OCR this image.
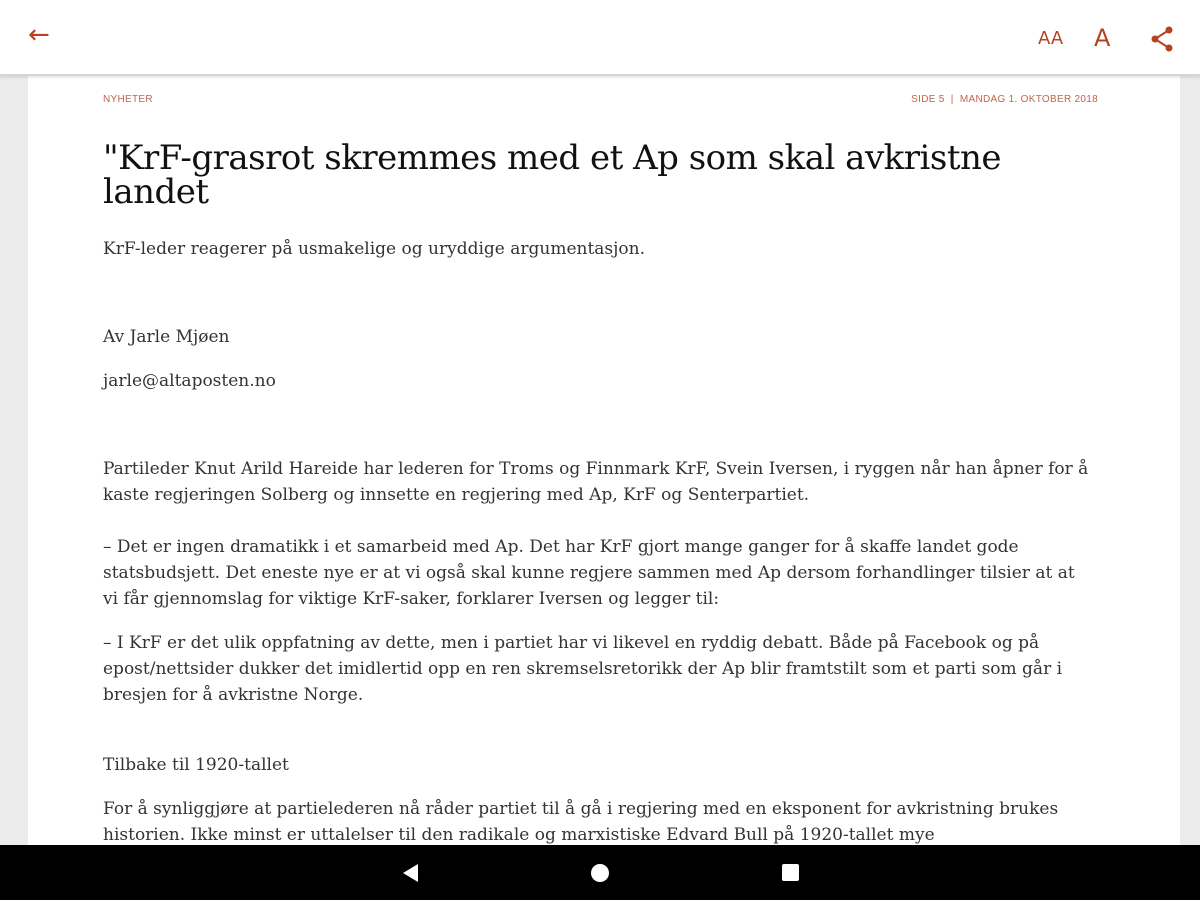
←	AA A
NYHETER	SIDE 5  |  MANDAG 1. OKTOBER 2018
"KrF-grasrot skremmes med et Ap som skal avkristne landet

KrF-leder reagerer på usmakelige og uryddige argumentasjon.

Av Jarle Mjøen

jarle@altaposten.no

Partileder Knut Arild Hareide har lederen for Troms og Finnmark KrF, Svein Iversen, i ryggen når han åpner for å kaste regjeringen Solberg og innsette en regjering med Ap, KrF og Senterpartiet.

– Det er ingen dramatikk i et samarbeid med Ap. Det har KrF gjort mange ganger for å skaffe landet gode statsbudsjett. Det eneste nye er at vi også skal kunne regjere sammen med Ap dersom forhandlinger tilsier at at vi får gjennomslag for viktige KrF-saker, forklarer Iversen og legger til:

– I KrF er det ulik oppfatning av dette, men i partiet har vi likevel en ryddig debatt. Både på Facebook og på epost/nettsider dukker det imidlertid opp en ren skremselsretorikk der Ap blir framtstilt som et parti som går i bresjen for å avkristne Norge.

Tilbake til 1920-tallet

For å synliggjøre at partielederen nå råder partiet til å gå i regjering med en eksponent for avkristning brukes historien. Ikke minst er uttalelser til den radikale og marxistiske Edvard Bull på 1920-tallet mye
